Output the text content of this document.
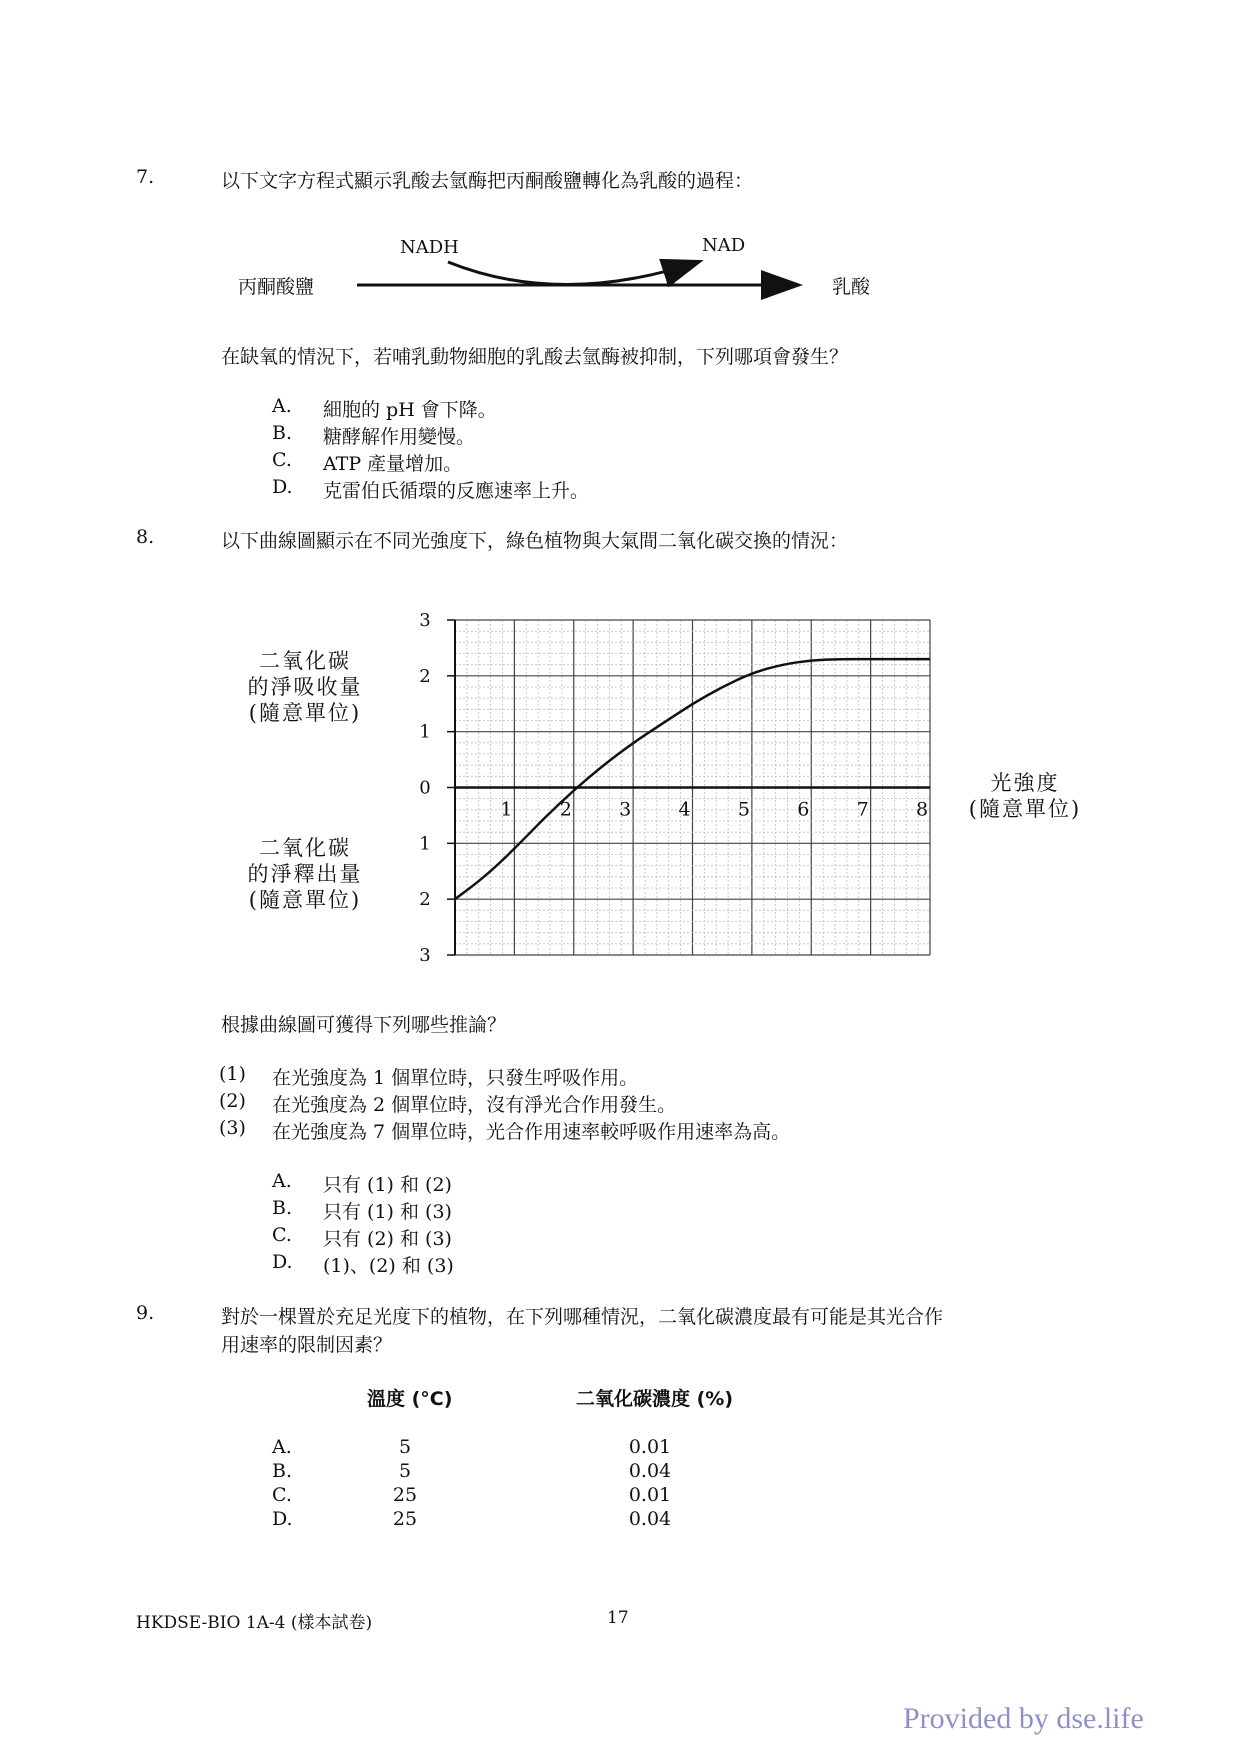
7.	以下文字方程式顯示乳酸去氫酶把丙酮酸鹽轉化為乳酸的過程：
丙酮酸鹽
NADH	NAD
乳酸
在缺氧的情況下，若哺乳動物細胞的乳酸去氫酶被抑制，下列哪項會發生？
A. 細胞的 pH 會下降。
B. 糖酵解作用變慢。
C. ATP 產量增加。
D. 克雷伯氏循環的反應速率上升。
8.	以下曲線圖顯示在不同光強度下，綠色植物與大氣間二氧化碳交換的情況：
二氧化碳
的淨吸收量
(隨意單位)
二氧化碳
的淨釋出量
(隨意單位)
光強度
(隨意單位)
3
2
1
0
1
2
3
1 2 3 4 5 6 7 8
根據曲線圖可獲得下列哪些推論？
(1) 在光強度為 1 個單位時，只發生呼吸作用。
(2) 在光強度為 2 個單位時，沒有淨光合作用發生。
(3) 在光強度為 7 個單位時，光合作用速率較呼吸作用速率為高。
A. 只有 (1) 和 (2)
B. 只有 (1) 和 (3)
C. 只有 (2) 和 (3)
D. (1)、(2) 和 (3)
9.	對於一棵置於充足光度下的植物，在下列哪種情況，二氧化碳濃度最有可能是其光合作
用速率的限制因素？
溫度 (°C)	二氧化碳濃度 (%)
A.	5	0.01
B.	5	0.04
C.	25	0.01
D.	25	0.04
HKDSE-BIO 1A-4 (樣本試卷)	17
Provided by dse.life
